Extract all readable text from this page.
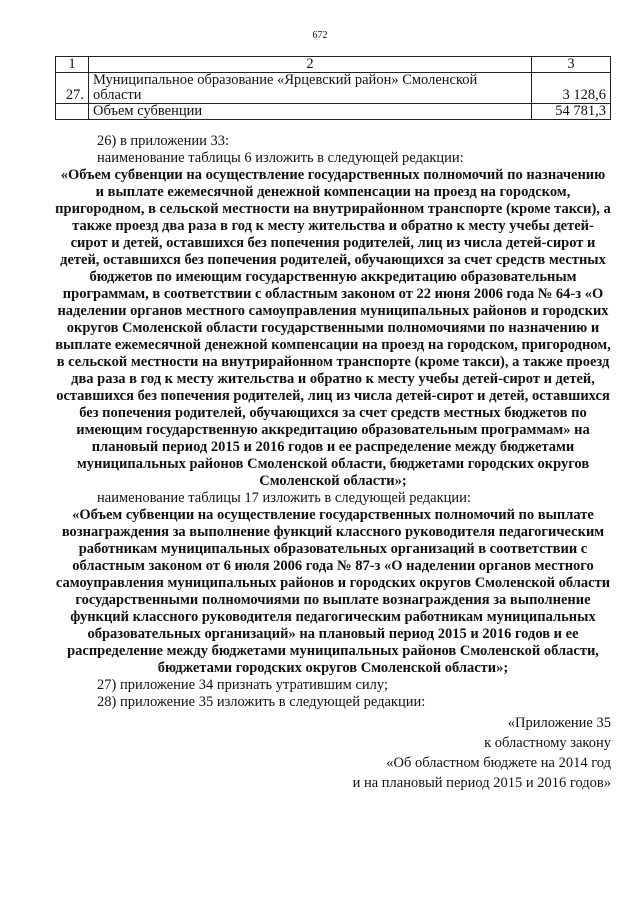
672
1	2	3
27.	Муниципальное образование «Ярцевский район» Смоленской области	3 128,6
	Объем субвенции	54 781,3

26) в приложении 33:

наименование таблицы 6 изложить в следующей редакции:

«Объем субвенции на осуществление государственных полномочий по назначению и выплате ежемесячной денежной компенсации на проезд на городском, пригородном, в сельской местности на внутрирайонном транспорте (кроме такси), а также проезд два раза в год к месту жительства и обратно к месту учебы детей-сирот и детей, оставшихся без попечения родителей, лиц из числа детей-сирот и детей, оставшихся без попечения родителей, обучающихся за счет средств местных бюджетов по имеющим государственную аккредитацию образовательным программам, в соответствии с областным законом от 22 июня 2006 года № 64-з «О наделении органов местного самоуправления муниципальных районов и городских округов Смоленской области государственными полномочиями по назначению и выплате ежемесячной денежной компенсации на проезд на городском, пригородном, в сельской местности на внутрирайонном транспорте (кроме такси), а также проезд два раза в год к месту жительства и обратно к месту учебы детей-сирот и детей, оставшихся без попечения родителей, лиц из числа детей-сирот и детей, оставшихся без попечения родителей, обучающихся за счет средств местных бюджетов по имеющим государственную аккредитацию образовательным программам» на плановый период 2015 и 2016 годов и ее распределение между бюджетами муниципальных районов Смоленской области, бюджетами городских округов Смоленской области»;

наименование таблицы 17 изложить в следующей редакции:

«Объем субвенции на осуществление государственных полномочий по выплате вознаграждения за выполнение функций классного руководителя педагогическим работникам муниципальных образовательных организаций в соответствии с областным законом от 6 июля 2006 года № 87-з «О наделении органов местного самоуправления муниципальных районов и городских округов Смоленской области государственными полномочиями по выплате вознаграждения за выполнение функций классного руководителя педагогическим работникам муниципальных образовательных организаций» на плановый период 2015 и 2016 годов и ее распределение между бюджетами муниципальных районов Смоленской области, бюджетами городских округов Смоленской области»;

27) приложение 34 признать утратившим силу;

28) приложение 35 изложить в следующей редакции:

«Приложение 35

к областному закону

«Об областном бюджете на 2014 год

и на плановый период 2015 и 2016 годов»
